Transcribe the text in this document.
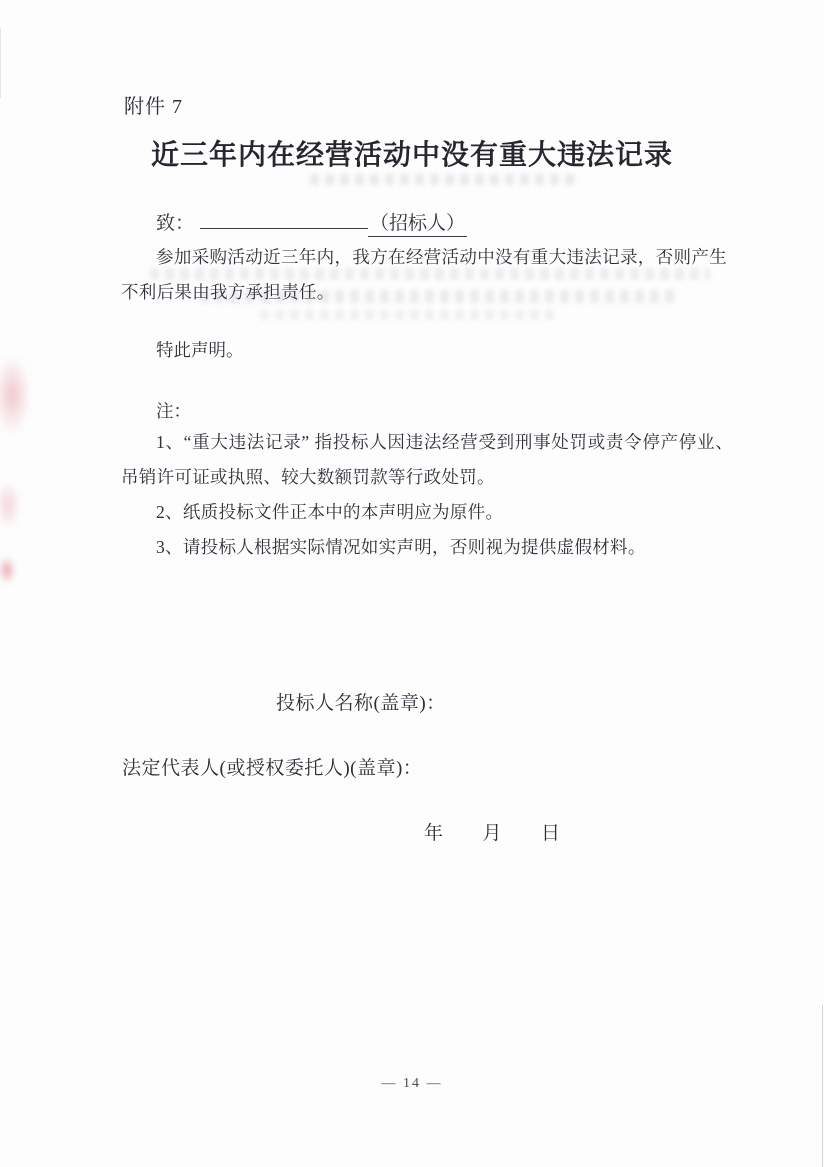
附件 7
近三年内在经营活动中没有重大违法记录
致：	（招标人）

参加采购活动近三年内，我方在经营活动中没有重大违法记录，否则产生不利后果由我方承担责任。

特此声明。

注：

1、“重大违法记录” 指投标人因违法经营受到刑事处罚或责令停产停业、吊销许可证或执照、较大数额罚款等行政处罚。

2、纸质投标文件正本中的本声明应为原件。

3、请投标人根据实际情况如实声明，否则视为提供虚假材料。

投标人名称(盖章)：
法定代表人(或授权委托人)(盖章)：
年　　月　　日
— 14 —
